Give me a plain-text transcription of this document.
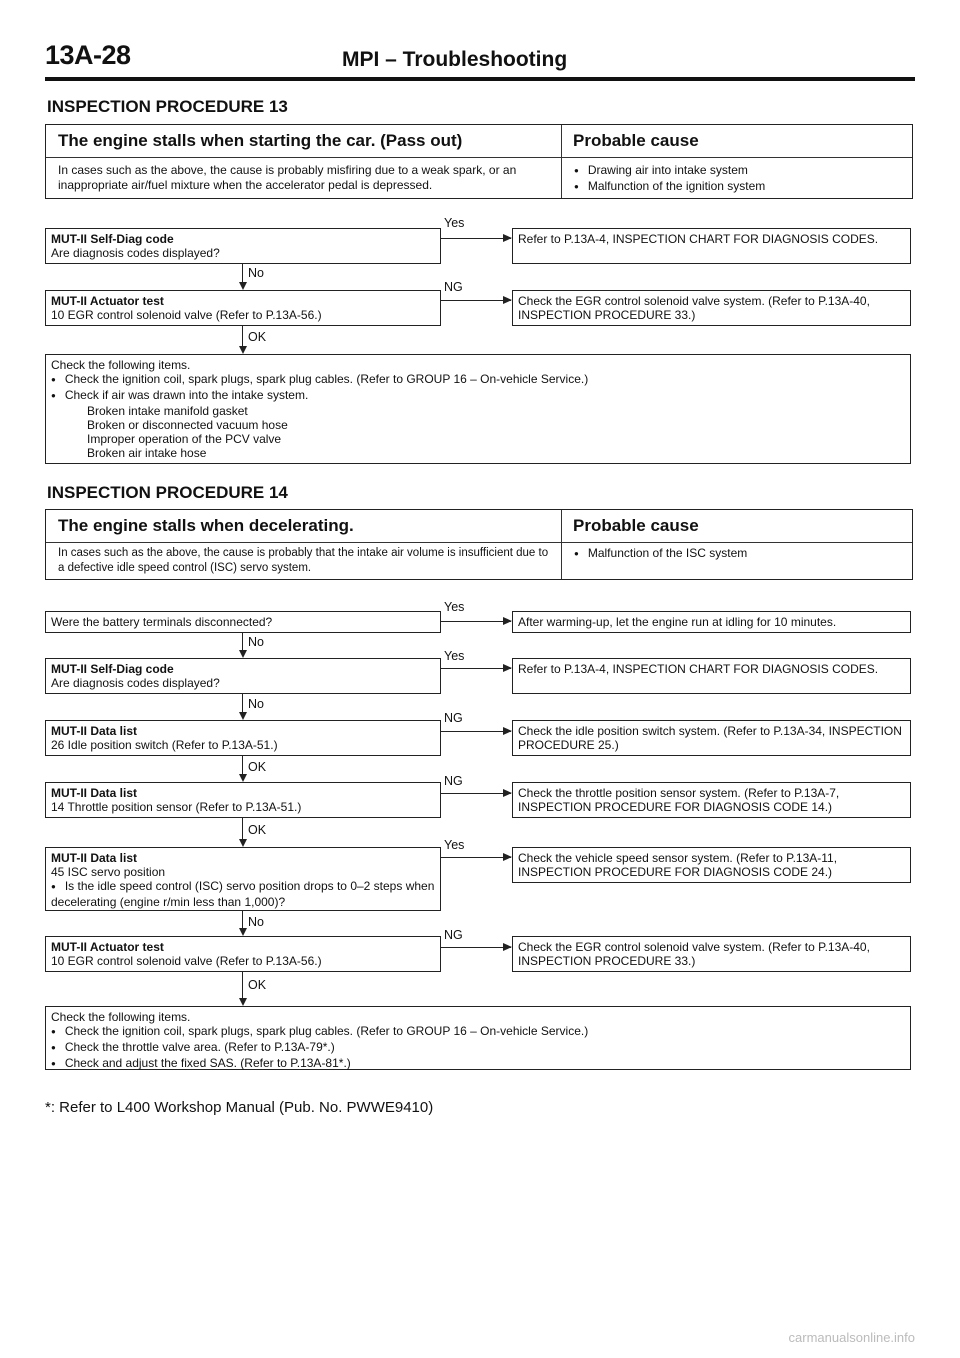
13A-28	MPI – Troubleshooting
INSPECTION PROCEDURE 13
The engine stalls when starting the car. (Pass out)	Probable cause
In cases such as the above, the cause is probably misfiring due to a weak spark, or an inappropriate air/fuel mixture when the accelerator pedal is depressed.
● Drawing air into intake system
● Malfunction of the ignition system
MUT-II Self-Diag code
Are diagnosis codes displayed?
Yes
Refer to P.13A-4, INSPECTION CHART FOR DIAGNOSIS CODES.
No
MUT-II Actuator test
10 EGR control solenoid valve (Refer to P.13A-56.)
NG
Check the EGR control solenoid valve system. (Refer to P.13A-40, INSPECTION PROCEDURE 33.)
OK
Check the following items.
● Check the ignition coil, spark plugs, spark plug cables. (Refer to GROUP 16 – On-vehicle Service.)
● Check if air was drawn into the intake system.
Broken intake manifold gasket
Broken or disconnected vacuum hose
Improper operation of the PCV valve
Broken air intake hose
INSPECTION PROCEDURE 14
The engine stalls when decelerating.	Probable cause
In cases such as the above, the cause is probably that the intake air volume is insufficient due to a defective idle speed control (ISC) servo system.
● Malfunction of the ISC system
Were the battery terminals disconnected?
Yes
After warming-up, let the engine run at idling for 10 minutes.
No
MUT-II Self-Diag code
Are diagnosis codes displayed?
Yes
Refer to P.13A-4, INSPECTION CHART FOR DIAGNOSIS CODES.
No
MUT-II Data list
26 Idle position switch (Refer to P.13A-51.)
NG
Check the idle position switch system. (Refer to P.13A-34, INSPECTION PROCEDURE 25.)
OK
MUT-II Data list
14 Throttle position sensor (Refer to P.13A-51.)
NG
Check the throttle position sensor system. (Refer to P.13A-7, INSPECTION PROCEDURE FOR DIAGNOSIS CODE 14.)
OK
MUT-II Data list
45 ISC servo position
● Is the idle speed control (ISC) servo position drops to 0–2 steps when decelerating (engine r/min less than 1,000)?
Yes
Check the vehicle speed sensor system. (Refer to P.13A-11, INSPECTION PROCEDURE FOR DIAGNOSIS CODE 24.)
No
MUT-II Actuator test
10 EGR control solenoid valve (Refer to P.13A-56.)
NG
Check the EGR control solenoid valve system. (Refer to P.13A-40, INSPECTION PROCEDURE 33.)
OK
Check the following items.
● Check the ignition coil, spark plugs, spark plug cables. (Refer to GROUP 16 – On-vehicle Service.)
● Check the throttle valve area. (Refer to P.13A-79*.)
● Check and adjust the fixed SAS. (Refer to P.13A-81*.)
*: Refer to L400 Workshop Manual (Pub. No. PWWE9410)
carmanualsonline.info
